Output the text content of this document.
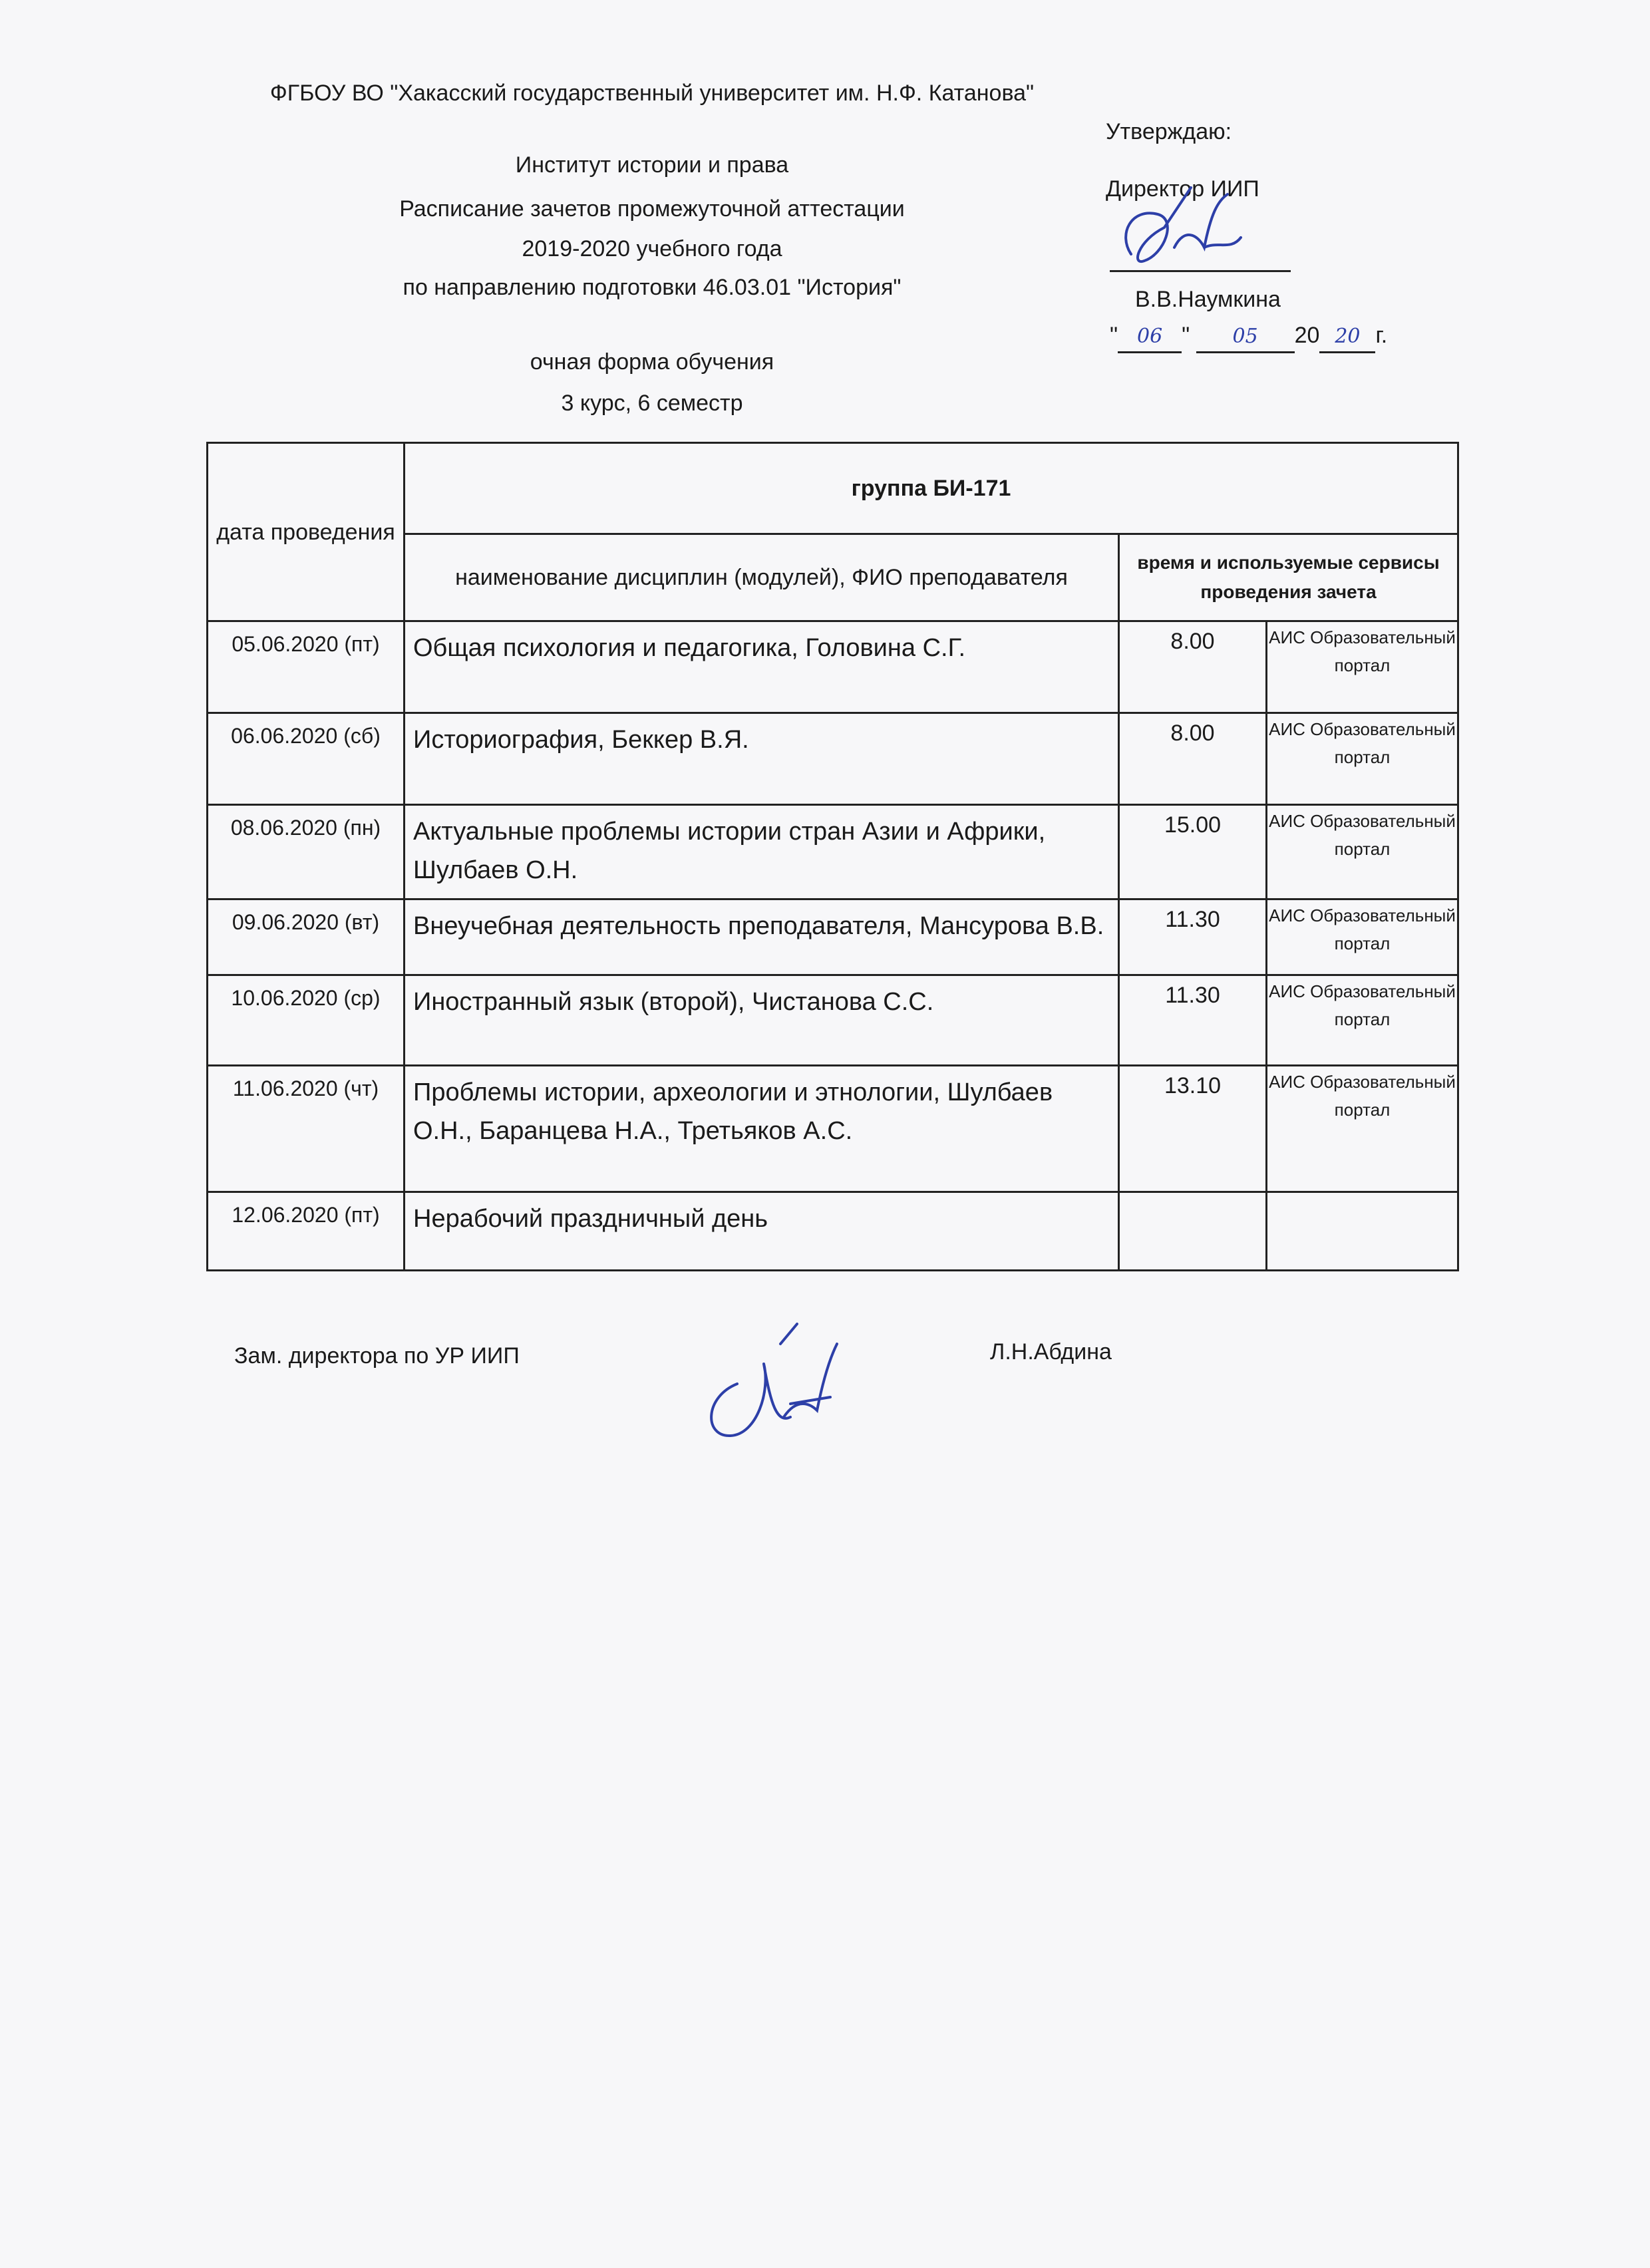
ФГБОУ ВО "Хакасский государственный университет им. Н.Ф. Катанова"
Институт истории и права
Расписание зачетов промежуточной аттестации
2019-2020 учебного года
по направлению подготовки 46.03.01 "История"
очная форма обучения
3 курс, 6 семестр
Утверждаю:
Директор ИИП
В.В.Наумкина
" 06 " 05 20 20 г.
дата проведения	группа БИ-171		
	наименование дисциплин (модулей), ФИО преподавателя	время и используемые сервисы проведения зачета	
05.06.2020 (пт)	Общая психология и педагогика, Головина С.Г.	8.00	АИС Образовательный портал
06.06.2020 (сб)	Историография, Беккер В.Я.	8.00	АИС Образовательный портал
08.06.2020 (пн)	Актуальные проблемы истории стран Азии и Африки, Шулбаев О.Н.	15.00	АИС Образовательный портал
09.06.2020 (вт)	Внеучебная деятельность преподавателя, Мансурова В.В.	11.30	АИС Образовательный портал
10.06.2020 (ср)	Иностранный язык (второй), Чистанова С.С.	11.30	АИС Образовательный портал
11.06.2020 (чт)	Проблемы истории, археологии и этнологии, Шулбаев О.Н., Баранцева Н.А., Третьяков А.С.	13.10	АИС Образовательный портал
12.06.2020 (пт)	Нерабочий праздничный день		
Зам. директора по УР ИИП	Л.Н.Абдина
